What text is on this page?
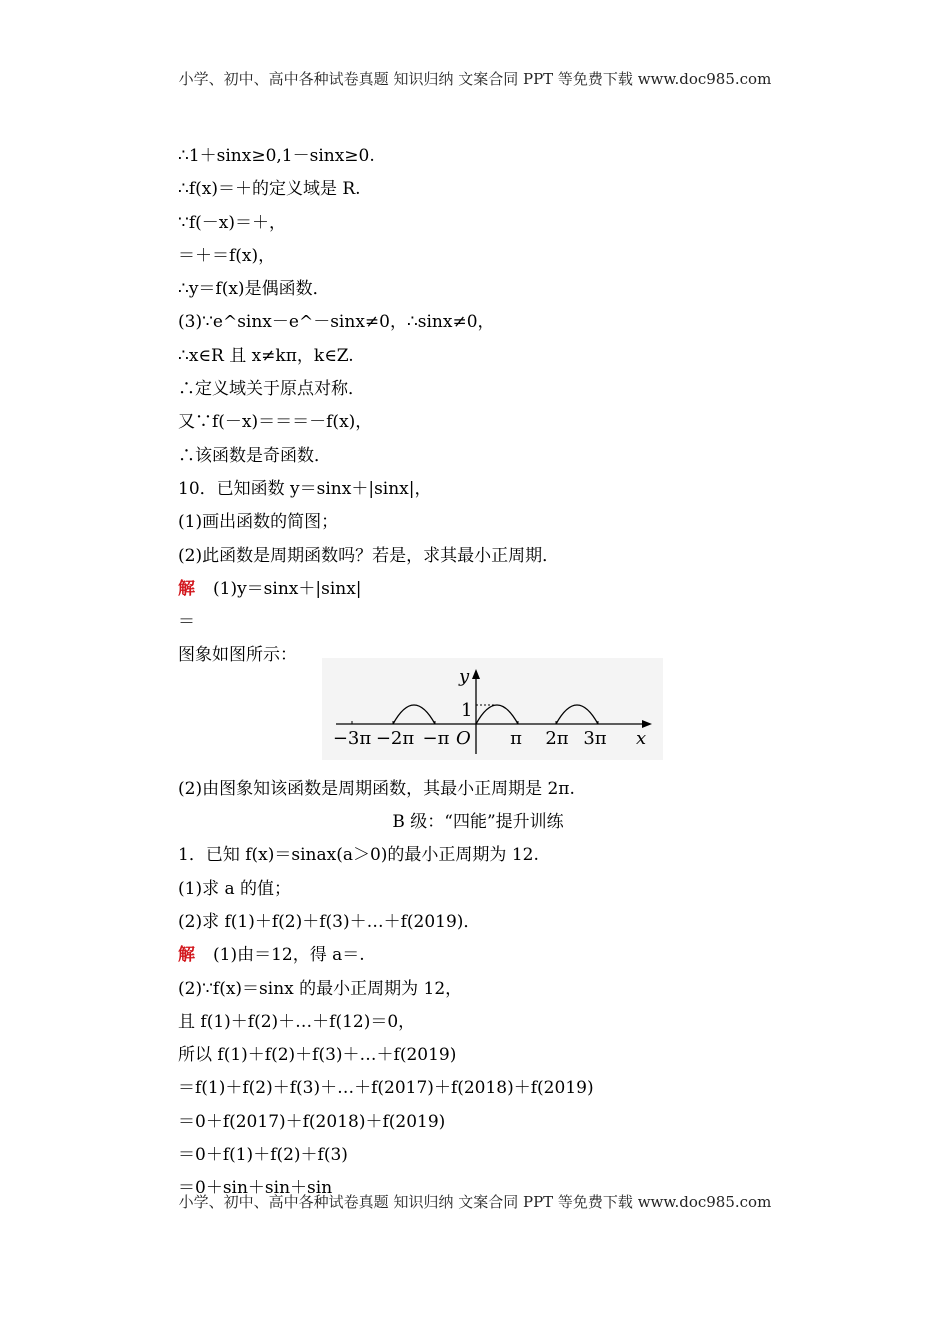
小学、初中、高中各种试卷真题 知识归纳 文案合同 PPT 等免费下载 www.doc985.com
∴1＋sinx≥0,1－sinx≥0.
∴f(x)＝＋的定义域是 R.
∵f(－x)＝＋，
＝＋＝f(x)，
∴y＝f(x)是偶函数．
(3)∵e^sinx－e^－sinx≠0，∴sinx≠0，
∴x∈R 且 x≠kπ，k∈Z.
∴定义域关于原点对称．
又∵f(－x)＝＝＝－f(x)，
∴该函数是奇函数．
10．已知函数 y＝sinx＋|sinx|，
(1)画出函数的简图；
(2)此函数是周期函数吗？若是，求其最小正周期．
解 (1)y＝sinx＋|sinx|
＝
图象如图所示：
(2)由图象知该函数是周期函数，其最小正周期是 2π.
B 级：“四能”提升训练
1．已知 f(x)＝sinax(a＞0)的最小正周期为 12.
(1)求 a 的值；
(2)求 f(1)＋f(2)＋f(3)＋…＋f(2019)．
解 (1)由＝12，得 a＝.
(2)∵f(x)＝sinx 的最小正周期为 12，
且 f(1)＋f(2)＋…＋f(12)＝0，
所以 f(1)＋f(2)＋f(3)＋…＋f(2019)
＝f(1)＋f(2)＋f(3)＋…＋f(2017)＋f(2018)＋f(2019)
＝0＋f(2017)＋f(2018)＋f(2019)
＝0＋f(1)＋f(2)＋f(3)
＝0＋sin＋sin＋sin
y
x
1
O
−3π −2π −π	π 2π 3π
小学、初中、高中各种试卷真题 知识归纳 文案合同 PPT 等免费下载 www.doc985.com
